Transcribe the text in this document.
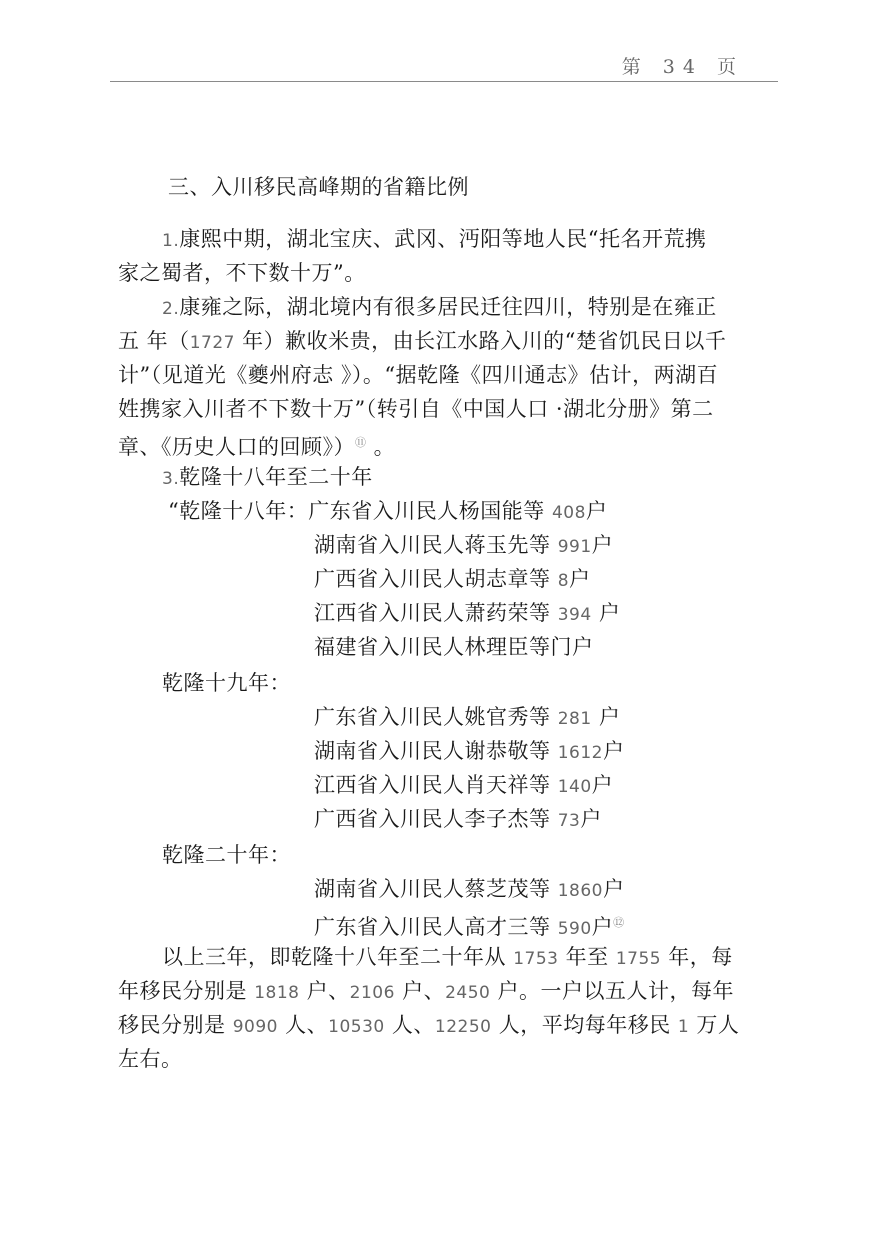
第 34 页
三、入川移民高峰期的省籍比例
1.康熙中期，湖北宝庆、武冈、沔阳等地人民“托名开荒携
家之蜀者，不下数十万”。
2.康雍之际，湖北境内有很多居民迁往四川，特别是在雍正
五 年（1727 年）歉收米贵，由长江水路入川的“楚省饥民日以千
计”（见道光《夔州府志 》）。“据乾隆《四川通志》估计，两湖百
姓携家入川者不下数十万”（转引自《中国人口 ·湖北分册》第二
章、《历史人口的回顾》）⑪ 。
3.乾隆十八年至二十年
“乾隆十八年：广东省入川民人杨国能等 408户
湖南省入川民人蒋玉先等 991户
广西省入川民人胡志章等 8户
江西省入川民人萧药荣等 394 户
福建省入川民人林理臣等门户
乾隆十九年：
广东省入川民人姚官秀等 281 户
湖南省入川民人谢恭敬等 1612户
江西省入川民人肖天祥等 140户
广西省入川民人李子杰等 73户
乾隆二十年：
湖南省入川民人蔡芝茂等 1860户
广东省入川民人高才三等 590户⑫
以上三年，即乾隆十八年至二十年从 1753 年至 1755 年，每
年移民分别是 1818 户、2106 户、2450 户。一户以五人计，每年
移民分别是 9090 人、10530 人、12250 人，平均每年移民 1 万人
左右。
